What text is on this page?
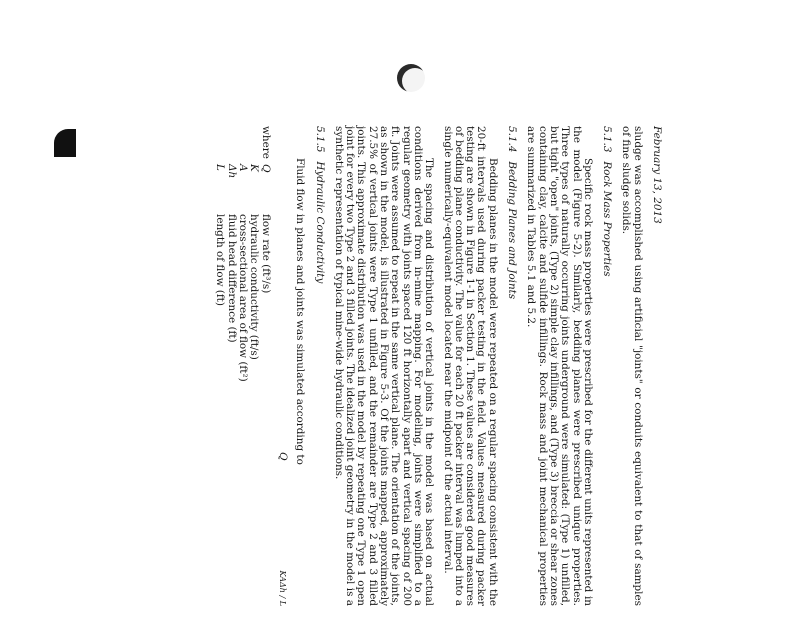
February 13, 2013

sludge was accomplished using artificial "joints" or conduits equivalent to that of samples of fine sludge solids.

5.1.3 Rock Mass Properties

Specific rock mass properties were prescribed for the different units represented in the model (Figure 5-2). Similarly, bedding planes were prescribed unique properties. Three types of naturally occurring joints underground were simulated: (Type 1) unfilled, but tight "open" joints, (Type 2) simple clay infillings, and (Type 3) breccia or shear zones containing clay, calcite and sulfide infillings. Rock mass and joint mechanical properties are summarized in Tables 5.1 and 5.2.

5.1.4 Bedding Planes and Joints

Bedding planes in the model were repeated on a regular spacing consistent with the 20-ft intervals used during packer testing in the field. Values measured during packer testing are shown in Figure 1-1 in Section 1. These values are considered good measures of bedding plane conductivity. The value for each 20 ft packer interval was lumped into a single numerically-equivalent model located near the midpoint of the actual interval.

The spacing and distribution of vertical joints in the model was based on actual conditions derived from in-mine mapping. For modeling, joints were simplified to a regular geometry with joints spaced 120 ft horizontally apart and vertical spacing of 200 ft. Joints were assumed to repeat in the same vertical plane. The orientation of the joints, as shown in the model, is illustrated in Figure 5-3. Of the joints mapped, approximately 27.5% of vertical joints were Type 1 unfilled, and the remainder are Type 2 and 3 filled joints. This approximate distribution was used in the model by repeating one Type 1 open joint for every two Type 2 and 3 filled joints. The idealized joint geometry in the model is a synthetic representation of typical mine-wide hydraulic conditions.

5.1.5 Hydraulic Conductivity
Fluid flow in planes and joints was simulated according to
Q
KAΔh / L
where
Q
flow rate (ft³/s)
K
hydraulic conductivity (ft/s)
A
cross-sectional area of flow (ft²)
Δh
fluid head difference (ft)
L
length of flow (ft)
